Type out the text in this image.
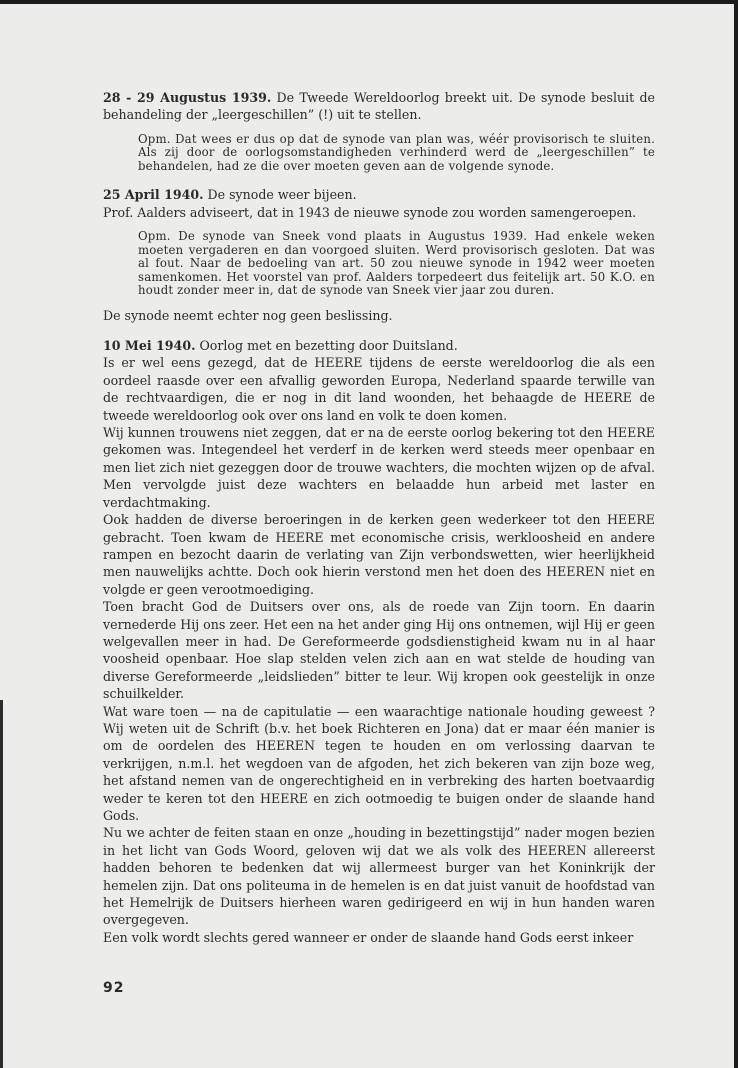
28 - 29 Augustus 1939. De Tweede Wereldoorlog breekt uit. De synode besluit de behandeling der „leergeschillen” (!) uit te stellen.

Opm. Dat wees er dus op dat de synode van plan was, wéér provisorisch te sluiten. Als zij door de oorlogsomstandigheden verhinderd werd de „leergeschillen” te behandelen, had ze die over moeten geven aan de volgende synode.

25 April 1940. De synode weer bijeen.

Prof. Aalders adviseert, dat in 1943 de nieuwe synode zou worden samengeroepen.

Opm. De synode van Sneek vond plaats in Augustus 1939. Had enkele weken moeten vergaderen en dan voorgoed sluiten. Werd provisorisch gesloten. Dat was al fout. Naar de bedoeling van art. 50 zou nieuwe synode in 1942 weer moeten samenkomen. Het voorstel van prof. Aalders torpedeert dus feitelijk art. 50 K.O. en houdt zonder meer in, dat de synode van Sneek vier jaar zou duren.

De synode neemt echter nog geen beslissing.

10 Mei 1940. Oorlog met en bezetting door Duitsland.

Is er wel eens gezegd, dat de HEERE tijdens de eerste wereldoorlog die als een oordeel raasde over een afvallig geworden Europa, Nederland spaarde terwille van de rechtvaardigen, die er nog in dit land woonden, het behaagde de HEERE de tweede wereldoorlog ook over ons land en volk te doen komen.

Wij kunnen trouwens niet zeggen, dat er na de eerste oorlog bekering tot den HEERE gekomen was. Integendeel het verderf in de kerken werd steeds meer openbaar en men liet zich niet gezeggen door de trouwe wachters, die mochten wijzen op de afval. Men vervolgde juist deze wachters en belaadde hun arbeid met laster en verdachtmaking.

Ook hadden de diverse beroeringen in de kerken geen wederkeer tot den HEERE gebracht. Toen kwam de HEERE met economische crisis, werkloosheid en andere rampen en bezocht daarin de verlating van Zijn verbondswetten, wier heerlijkheid men nauwelijks achtte. Doch ook hierin verstond men het doen des HEEREN niet en volgde er geen verootmoediging.

Toen bracht God de Duitsers over ons, als de roede van Zijn toorn. En daarin vernederde Hij ons zeer. Het een na het ander ging Hij ons ontnemen, wijl Hij er geen welgevallen meer in had. De Gereformeerde godsdienstigheid kwam nu in al haar voosheid openbaar. Hoe slap stelden velen zich aan en wat stelde de houding van diverse Gereformeerde „leidslieden” bitter te leur. Wij kropen ook geestelijk in onze schuilkelder.

Wat ware toen — na de capitulatie — een waarachtige nationale houding geweest ? Wij weten uit de Schrift (b.v. het boek Richteren en Jona) dat er maar één manier is om de oordelen des HEEREN tegen te houden en om verlossing daarvan te verkrijgen, n.m.l. het wegdoen van de afgoden, het zich bekeren van zijn boze weg, het afstand nemen van de ongerechtigheid en in verbreking des harten boetvaardig weder te keren tot den HEERE en zich ootmoedig te buigen onder de slaande hand Gods.

Nu we achter de feiten staan en onze „houding in bezettingstijd” nader mogen bezien in het licht van Gods Woord, geloven wij dat we als volk des HEEREN allereerst hadden behoren te bedenken dat wij allermeest burger van het Koninkrijk der hemelen zijn. Dat ons politeuma in de hemelen is en dat juist vanuit de hoofdstad van het Hemelrijk de Duitsers hierheen waren gedirigeerd en wij in hun handen waren overgegeven.

Een volk wordt slechts gered wanneer er onder de slaande hand Gods eerst inkeer

92
